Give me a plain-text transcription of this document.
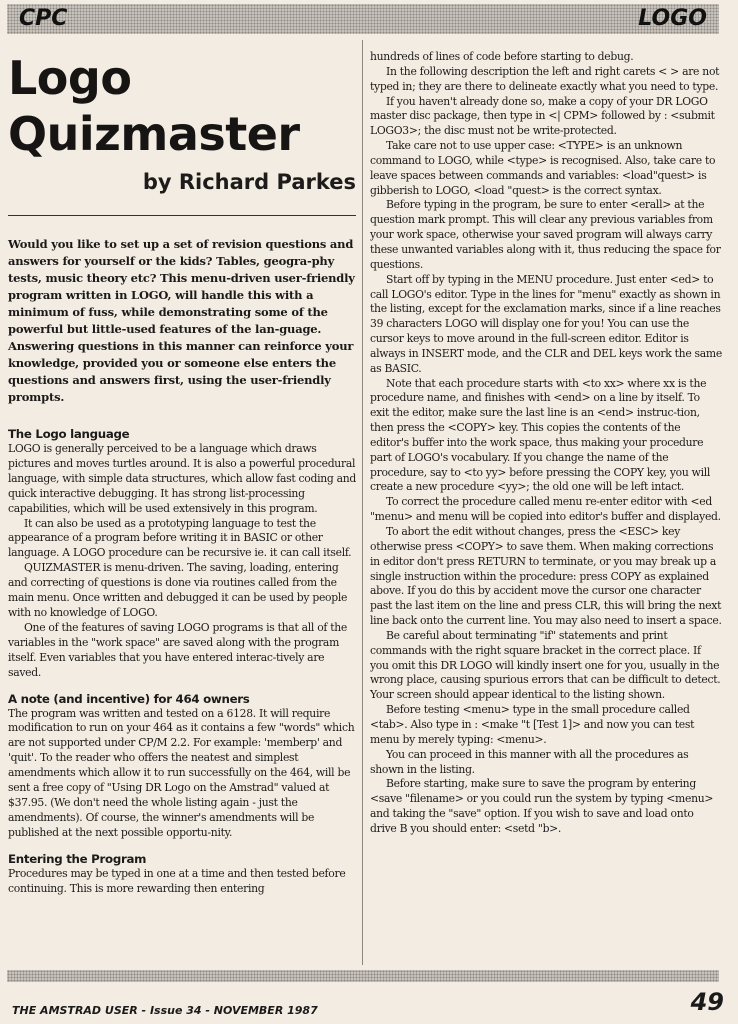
CPC	LOGO
Logo
Quizmaster
by Richard Parkes

Would you like to set up a set of revision questions and answers for yourself or the kids? Tables, geogra-phy tests, music theory etc? This menu-driven user-friendly program written in LOGO, will handle this with a minimum of fuss, while demonstrating some of the powerful but little-used features of the lan-guage. Answering questions in this manner can reinforce your knowledge, provided you or someone else enters the questions and answers first, using the user-friendly prompts.

The Logo language

LOGO is generally perceived to be a language which draws pictures and moves turtles around. It is also a powerful procedural language, with simple data structures, which allow fast coding and quick interactive debugging. It has strong list-processing capabilities, which will be used extensively in this program.

It can also be used as a prototyping language to test the appearance of a program before writing it in BASIC or other language. A LOGO procedure can be recursive ie. it can call itself.

QUIZMASTER is menu-driven. The saving, loading, entering and correcting of questions is done via routines called from the main menu. Once written and debugged it can be used by people with no knowledge of LOGO.

One of the features of saving LOGO programs is that all of the variables in the "work space" are saved along with the program itself. Even variables that you have entered interac-tively are saved.

A note (and incentive) for 464 owners

The program was written and tested on a 6128. It will require modification to run on your 464 as it contains a few "words" which are not supported under CP/M 2.2. For example: 'memberp' and 'quit'. To the reader who offers the neatest and simplest amendments which allow it to run successfully on the 464, will be sent a free copy of "Using DR Logo on the Amstrad" valued at $37.95. (We don't need the whole listing again - just the amendments). Of course, the winner's amendments will be published at the next possible opportu-nity.

Entering the Program

Procedures may be typed in one at a time and then tested before continuing. This is more rewarding then entering

hundreds of lines of code before starting to debug.

In the following description the left and right carets < > are not typed in; they are there to delineate exactly what you need to type.

If you haven't already done so, make a copy of your DR LOGO master disc package, then type in <| CPM> followed by : <submit LOGO3>; the disc must not be write-protected.

Take care not to use upper case: <TYPE> is an unknown command to LOGO, while <type> is recognised. Also, take care to leave spaces between commands and variables: <load"quest> is gibberish to LOGO, <load "quest> is the correct syntax.

Before typing in the program, be sure to enter <erall> at the question mark prompt. This will clear any previous variables from your work space, otherwise your saved program will always carry these unwanted variables along with it, thus reducing the space for questions.

Start off by typing in the MENU procedure. Just enter <ed> to call LOGO's editor. Type in the lines for "menu" exactly as shown in the listing, except for the exclamation marks, since if a line reaches 39 characters LOGO will display one for you! You can use the cursor keys to move around in the full-screen editor. Editor is always in INSERT mode, and the CLR and DEL keys work the same as BASIC.

Note that each procedure starts with <to xx> where xx is the procedure name, and finishes with <end> on a line by itself. To exit the editor, make sure the last line is an <end> instruc-tion, then press the <COPY> key. This copies the contents of the editor's buffer into the work space, thus making your procedure part of LOGO's vocabulary. If you change the name of the procedure, say to <to yy> before pressing the COPY key, you will create a new procedure <yy>; the old one will be left intact.

To correct the procedure called menu re-enter editor with <ed "menu> and menu will be copied into editor's buffer and displayed.

To abort the edit without changes, press the <ESC> key otherwise press <COPY> to save them. When making corrections in editor don't press RETURN to terminate, or you may break up a single instruction within the procedure: press COPY as explained above. If you do this by accident move the cursor one character past the last item on the line and press CLR, this will bring the next line back onto the current line. You may also need to insert a space.

Be careful about terminating "if" statements and print commands with the right square bracket in the correct place. If you omit this DR LOGO will kindly insert one for you, usually in the wrong place, causing spurious errors that can be difficult to detect. Your screen should appear identical to the listing shown.

Before testing <menu> type in the small procedure called <tab>. Also type in : <make "t [Test 1]> and now you can test menu by merely typing: <menu>.

You can proceed in this manner with all the procedures as shown in the listing.

Before starting, make sure to save the program by entering <save "filename> or you could run the system by typing <menu> and taking the "save" option. If you wish to save and load onto drive B you should enter: <setd "b>.

THE AMSTRAD USER - Issue 34 - NOVEMBER 1987	49
